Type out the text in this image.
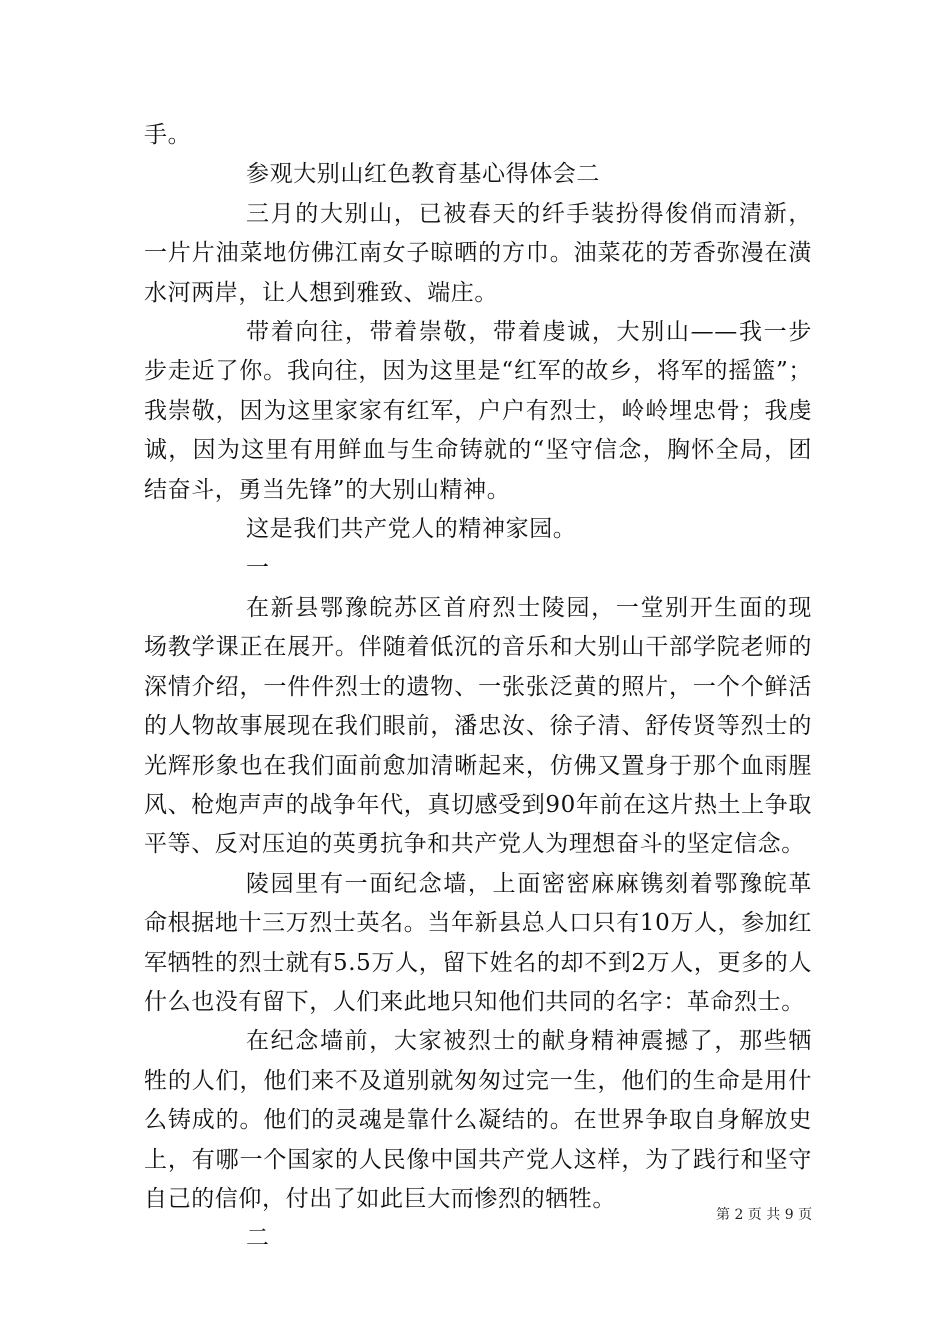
手。

参观大别山红色教育基心得体会二

三月的大别山，已被春天的纤手装扮得俊俏而清新，一片片油菜地仿佛江南女子晾晒的方巾。油菜花的芳香弥漫在潢水河两岸，让人想到雅致、端庄。

带着向往，带着崇敬，带着虔诚，大别山——我一步步走近了你。我向往，因为这里是“红军的故乡，将军的摇篮”；我崇敬，因为这里家家有红军，户户有烈士，岭岭埋忠骨；我虔诚，因为这里有用鲜血与生命铸就的“坚守信念，胸怀全局，团结奋斗，勇当先锋”的大别山精神。

这是我们共产党人的精神家园。

一

在新县鄂豫皖苏区首府烈士陵园，一堂别开生面的现场教学课正在展开。伴随着低沉的音乐和大别山干部学院老师的深情介绍，一件件烈士的遗物、一张张泛黄的照片，一个个鲜活的人物故事展现在我们眼前，潘忠汝、徐子清、舒传贤等烈士的光辉形象也在我们面前愈加清晰起来，仿佛又置身于那个血雨腥风、枪炮声声的战争年代，真切感受到90年前在这片热土上争取平等、反对压迫的英勇抗争和共产党人为理想奋斗的坚定信念。

陵园里有一面纪念墙，上面密密麻麻镌刻着鄂豫皖革命根据地十三万烈士英名。当年新县总人口只有10万人，参加红军牺牲的烈士就有5.5万人，留下姓名的却不到2万人，更多的人什么也没有留下，人们来此地只知他们共同的名字：革命烈士。

在纪念墙前，大家被烈士的献身精神震撼了，那些牺牲的人们，他们来不及道别就匆匆过完一生，他们的生命是用什么铸成的。他们的灵魂是靠什么凝结的。在世界争取自身解放史上，有哪一个国家的人民像中国共产党人这样，为了践行和坚守自己的信仰，付出了如此巨大而惨烈的牺牲。

二

第 2 页 共 9 页
